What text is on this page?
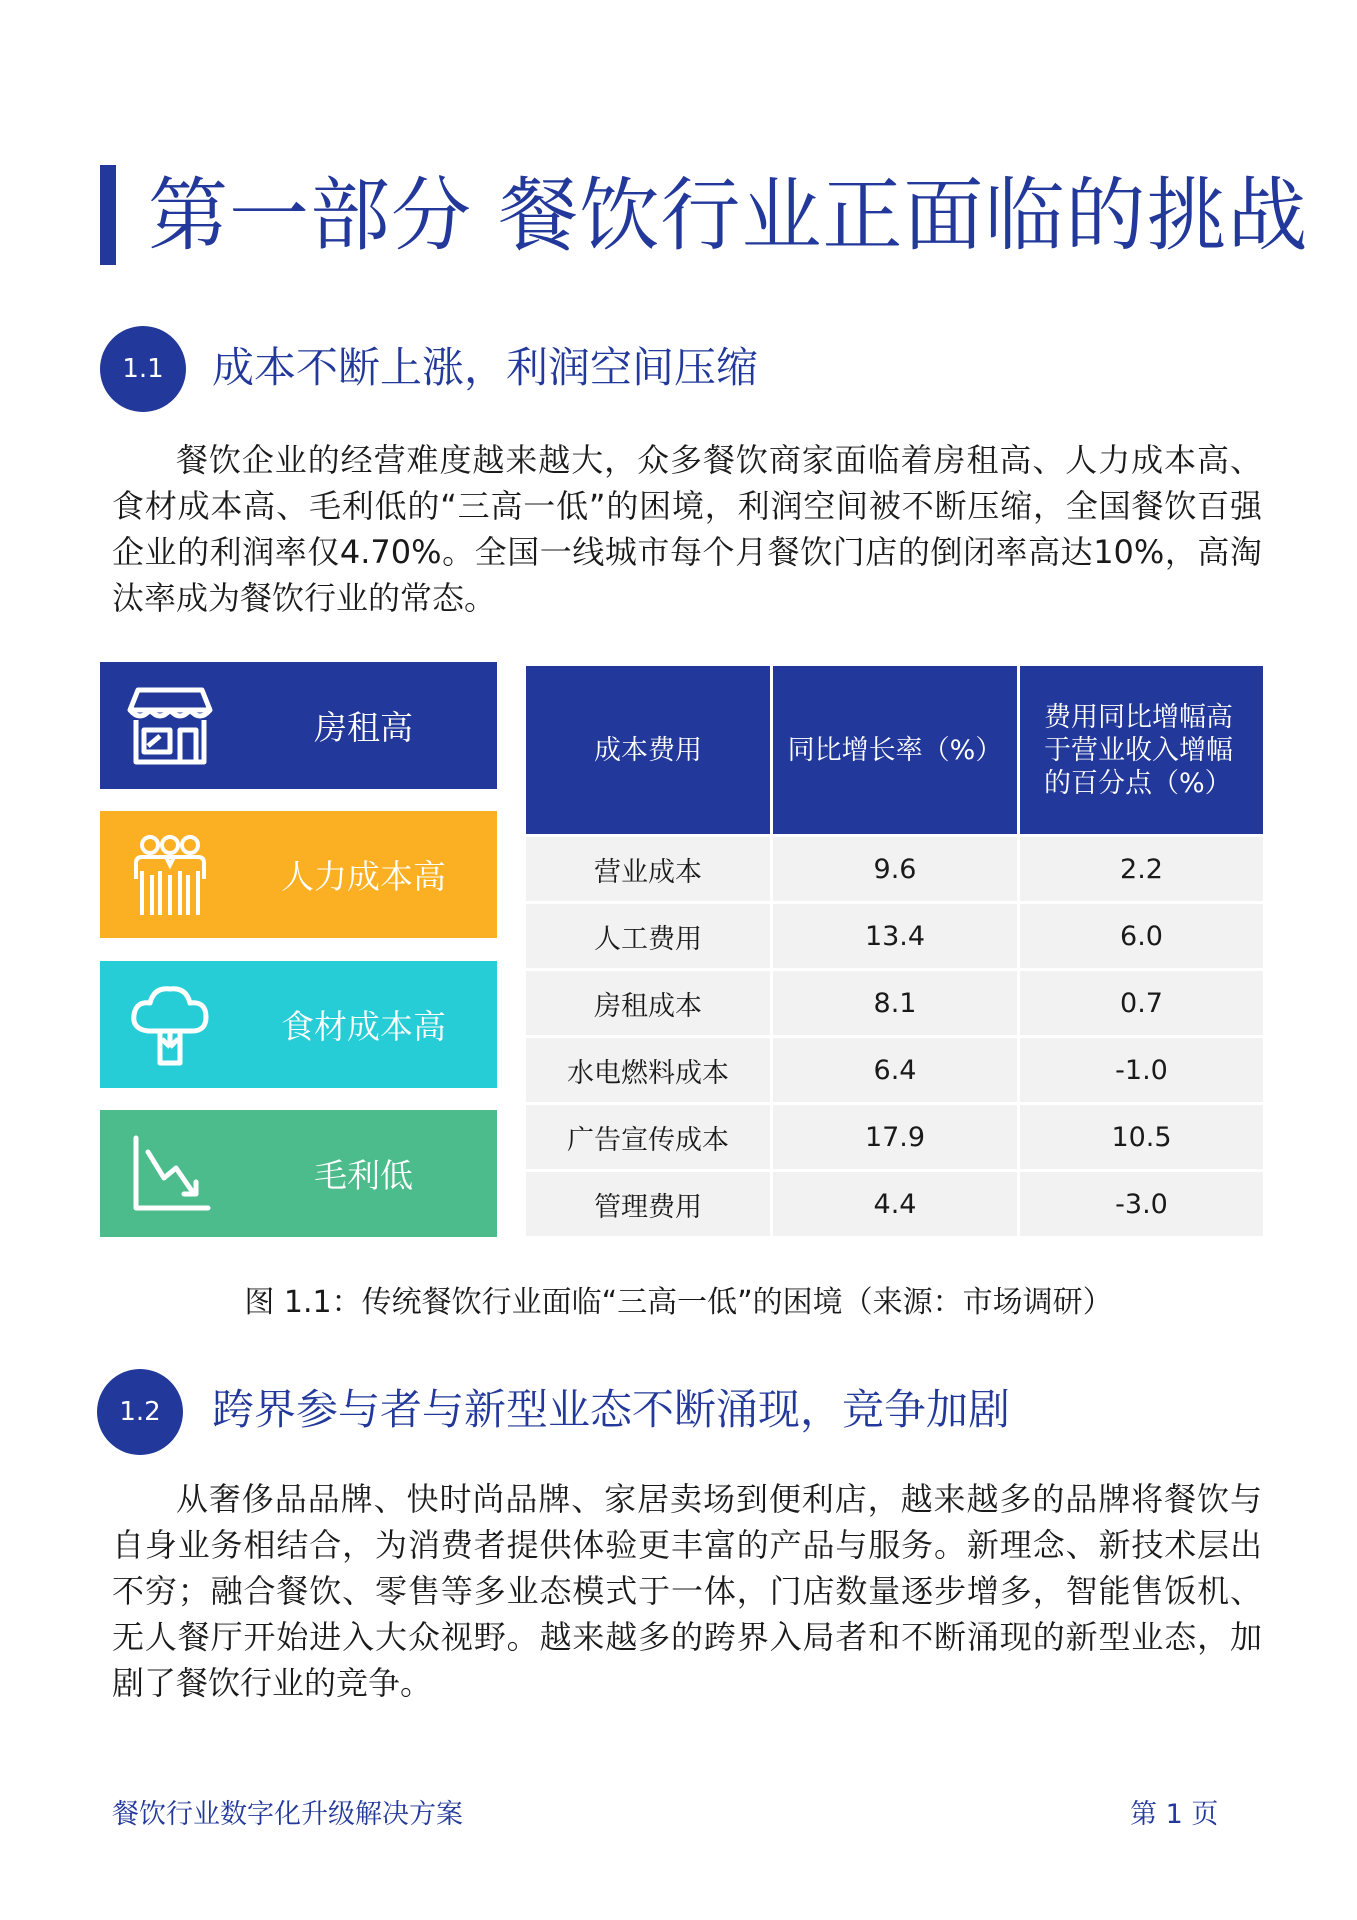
第一部分 餐饮行业正面临的挑战
1.1	成本不断上涨，利润空间压缩
餐饮企业的经营难度越来越大，众多餐饮商家面临着房租高、人力成本高、食材成本高、毛利低的“三高一低”的困境，利润空间被不断压缩，全国餐饮百强企业的利润率仅4.70%。全国一线城市每个月餐饮门店的倒闭率高达10%，高淘汰率成为餐饮行业的常态。
房租高
人力成本高
食材成本高
毛利低
成本费用	同比增长率（%）	费用同比增幅高于营业收入增幅的百分点（%）
营业成本	9.6	2.2
人工费用	13.4	6.0
房租成本	8.1	0.7
水电燃料成本	6.4	-1.0
广告宣传成本	17.9	10.5
管理费用	4.4	-3.0
图 1.1：传统餐饮行业面临“三高一低”的困境（来源：市场调研）
1.2	跨界参与者与新型业态不断涌现，竞争加剧
从奢侈品品牌、快时尚品牌、家居卖场到便利店，越来越多的品牌将餐饮与自身业务相结合，为消费者提供体验更丰富的产品与服务。新理念、新技术层出不穷；融合餐饮、零售等多业态模式于一体，门店数量逐步增多，智能售饭机、无人餐厅开始进入大众视野。越来越多的跨界入局者和不断涌现的新型业态，加剧了餐饮行业的竞争。
餐饮行业数字化升级解决方案	第 1 页
